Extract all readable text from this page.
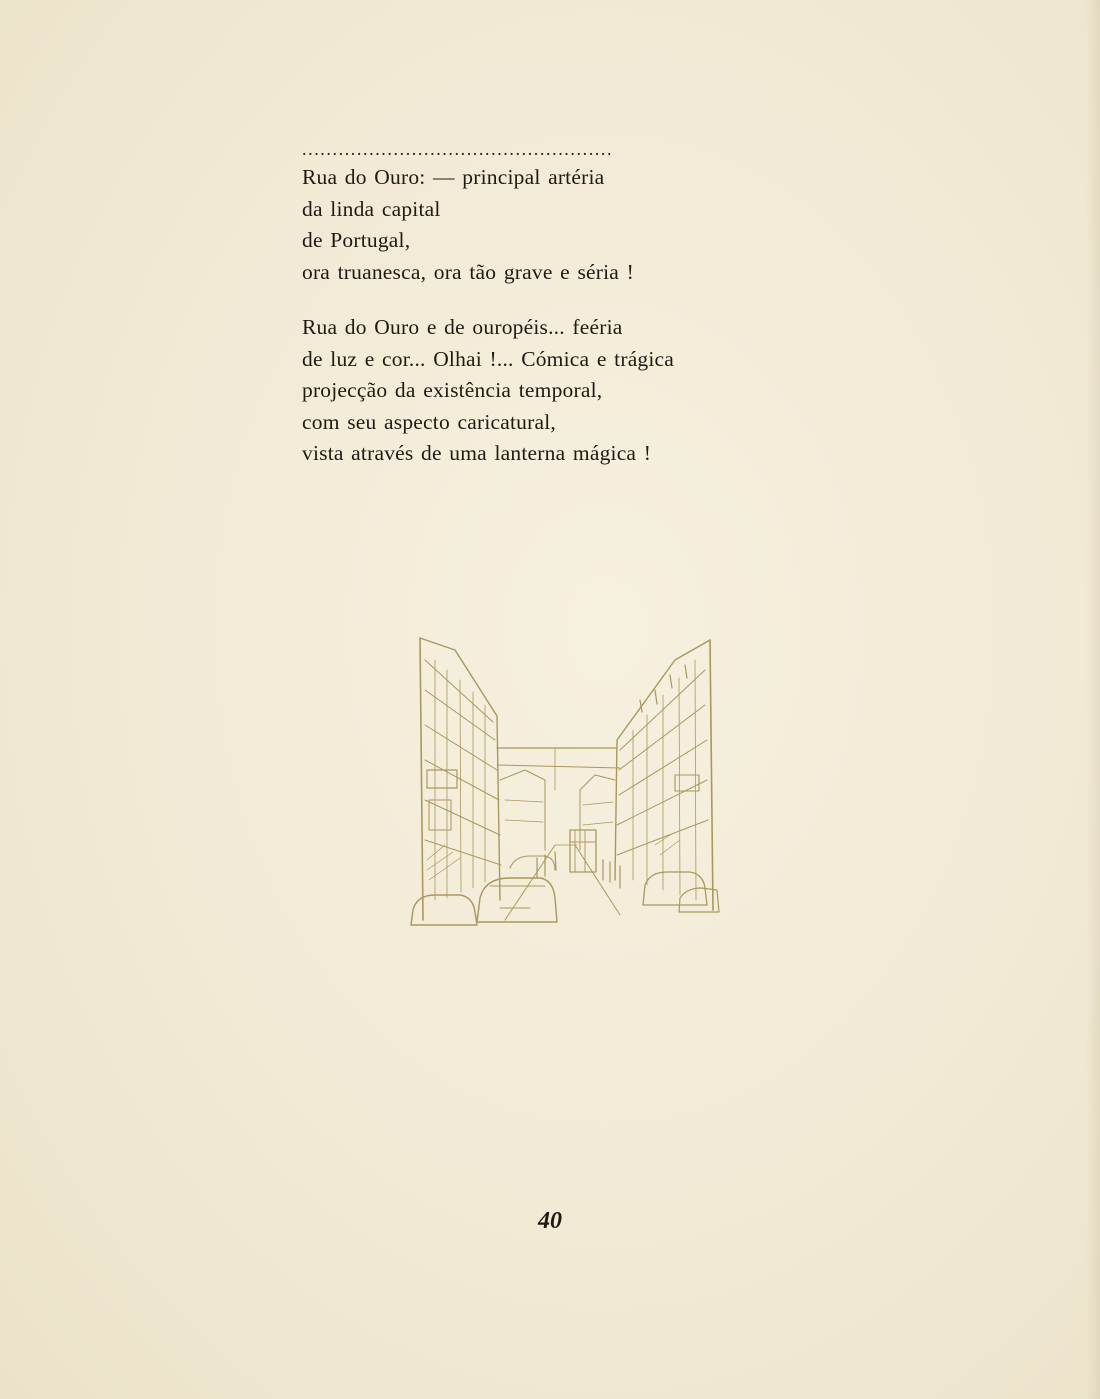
...................................................
Rua do Ouro: — principal artéria
da linda capital
de Portugal,
ora truanesca, ora tão grave e séria !
Rua do Ouro e de ouropéis... feéria
de luz e cor... Olhai !... Cómica e trágica
projecção da existência temporal,
com seu aspecto caricatural,
vista através de uma lanterna mágica !
40
